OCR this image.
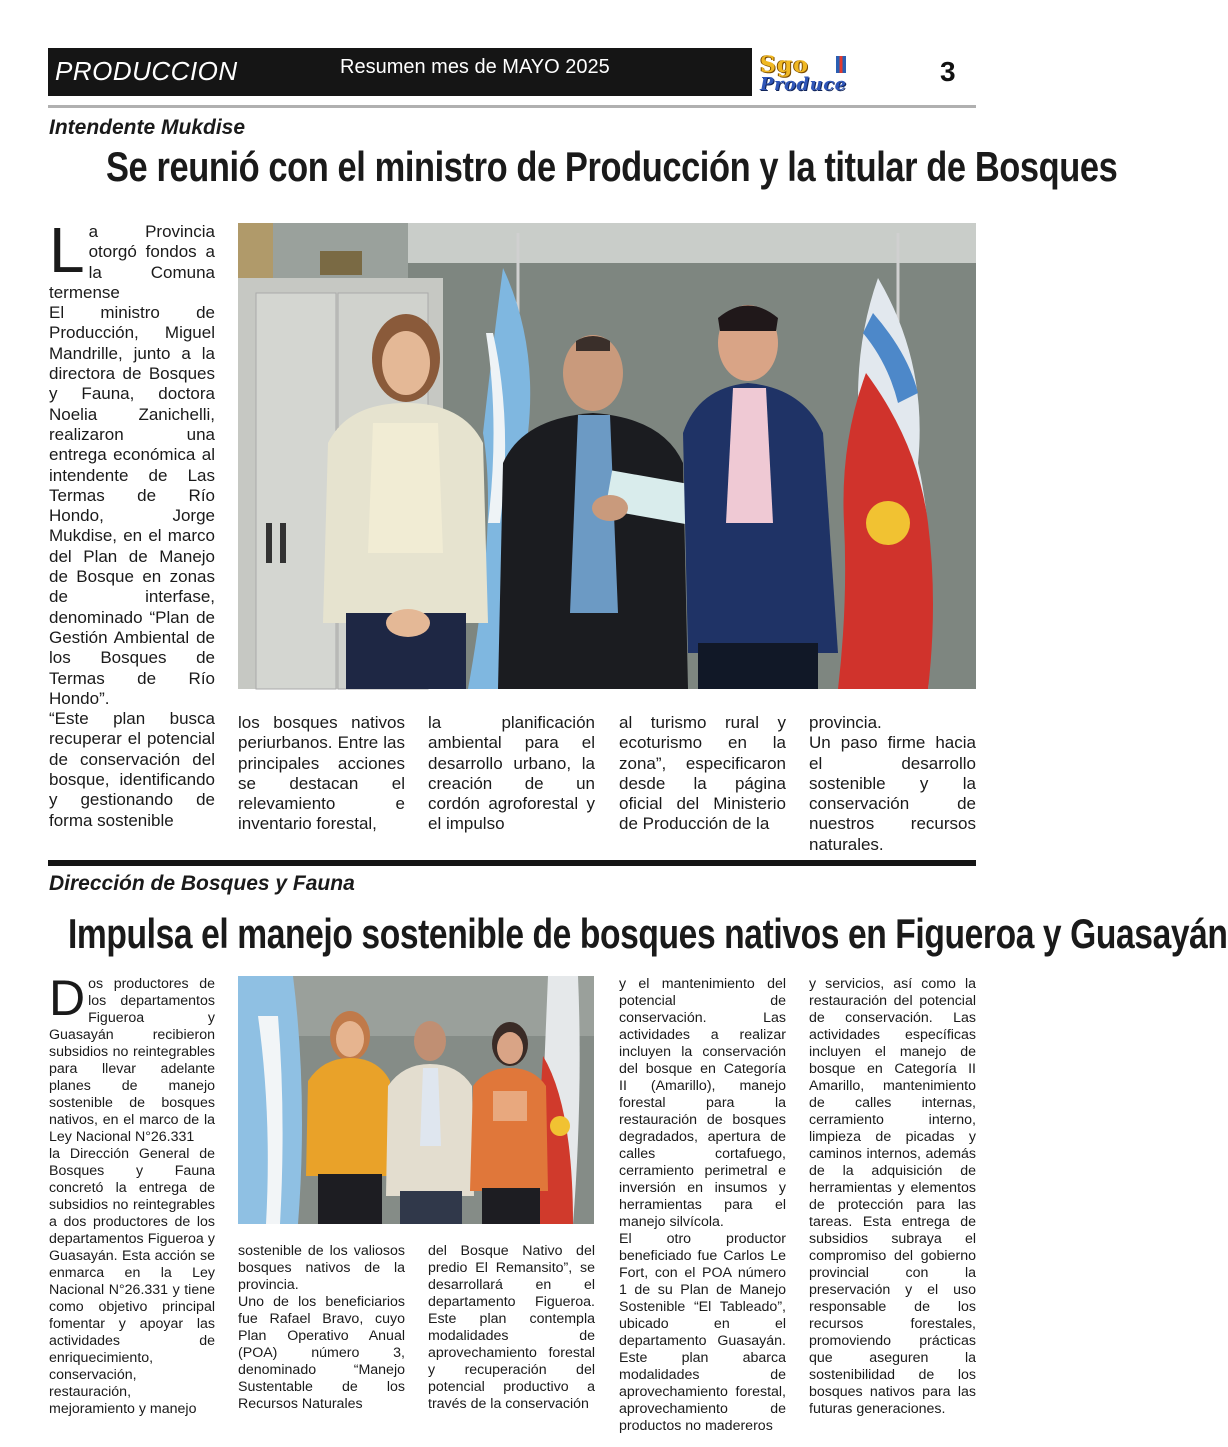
PRODUCCION	Resumen mes de MAYO 2025	Sgo
Produce	3
Intendente Mukdise
Se reunió con el ministro de Producción y la titular de Bosques

La Provincia otorgó fondos a la Comuna termense

El ministro de Producción, Miguel Mandrille, junto a la directora de Bosques y Fauna, doctora Noelia Zanichelli, realizaron una entrega económica al intendente de Las Termas de Río Hondo, Jorge Mukdise, en el marco del Plan de Manejo de Bosque en zonas de interfase, denominado “Plan de Gestión Ambiental de los Bosques de Termas de Río Hondo”.

“Este plan busca recuperar el potencial de conservación del bosque, identificando y gestionando de forma sostenible

los bosques nativos periurbanos. Entre las principales acciones se destacan el relevamiento e inventario forestal,
la planificación ambiental para el desarrollo urbano, la creación de un cordón agroforestal y el impulso
al turismo rural y ecoturismo en la zona”, especificaron desde la página oficial del Ministerio de Producción de la

provincia.

Un paso firme hacia el desarrollo sostenible y la conservación de nuestros recursos naturales.

Dirección de Bosques y Fauna
Impulsa el manejo sostenible de bosques nativos en Figueroa y Guasayán

Dos productores de los departamentos Figueroa y Guasayán recibieron subsidios no reintegrables para llevar adelante planes de manejo sostenible de bosques nativos, en el marco de la Ley Nacional N°26.331

la Dirección General de Bosques y Fauna concretó la entrega de subsidios no reintegrables a dos productores de los departamentos Figueroa y Guasayán. Esta acción se enmarca en la Ley Nacional N°26.331 y tiene como objetivo principal fomentar y apoyar las actividades de enriquecimiento, conservación, restauración, mejoramiento y manejo

sostenible de los valiosos bosques nativos de la provincia.

Uno de los beneficiarios fue Rafael Bravo, cuyo Plan Operativo Anual (POA) número 3, denominado “Manejo Sustentable de los Recursos Naturales

del Bosque Nativo del predio El Remansito”, se desarrollará en el departamento Figueroa. Este plan contempla modalidades de aprovechamiento forestal y recuperación del potencial productivo a través de la conservación

y el mantenimiento del potencial de conservación. Las actividades a realizar incluyen la conservación del bosque en Categoría II (Amarillo), manejo forestal para la restauración de bosques degradados, apertura de calles cortafuego, cerramiento perimetral e inversión en insumos y herramientas para el manejo silvícola.

El otro productor beneficiado fue Carlos Le Fort, con el POA número 1 de su Plan de Manejo Sostenible “El Tableado”, ubicado en el departamento Guasayán. Este plan abarca modalidades de aprovechamiento forestal, aprovechamiento de productos no madereros

y servicios, así como la restauración del potencial de conservación. Las actividades específicas incluyen el manejo de bosque en Categoría II Amarillo, mantenimiento de calles internas, cerramiento interno, limpieza de picadas y caminos internos, además de la adquisición de herramientas y elementos de protección para las tareas. Esta entrega de subsidios subraya el compromiso del gobierno provincial con la preservación y el uso responsable de los recursos forestales, promoviendo prácticas que aseguren la sostenibilidad de los bosques nativos para las futuras generaciones.
